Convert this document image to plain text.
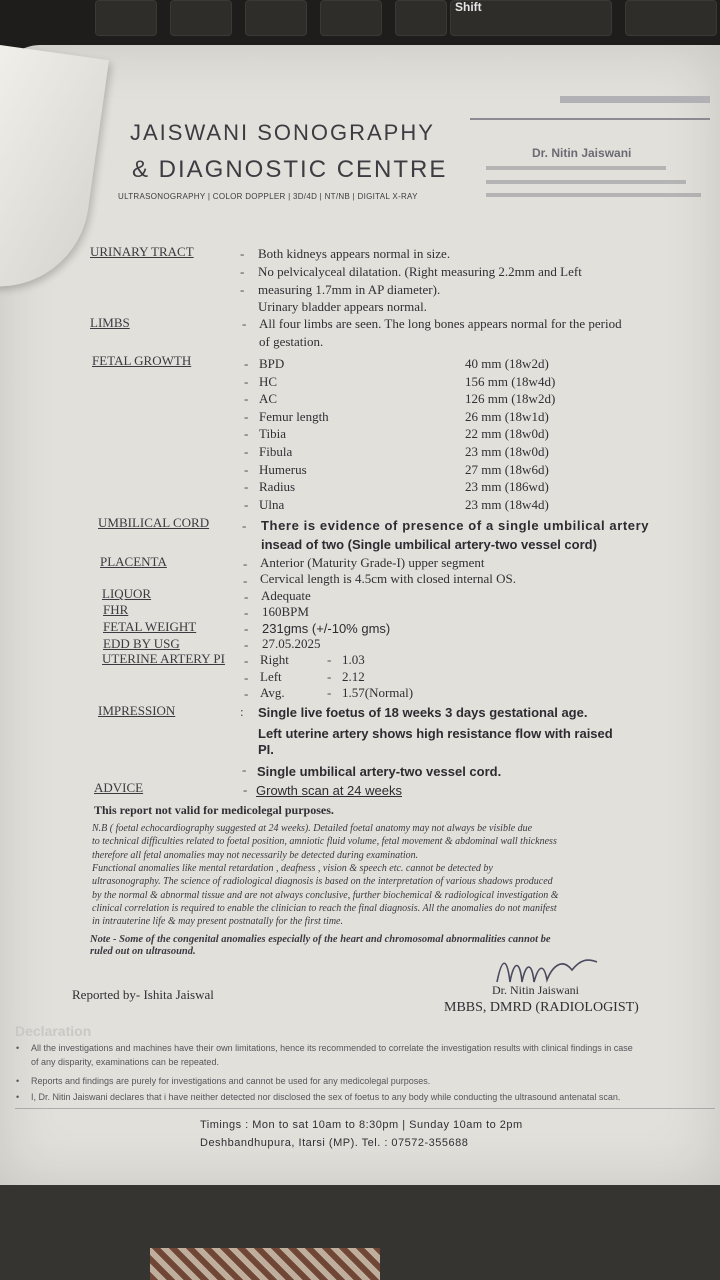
Shift
JAISWANI SONOGRAPHY
& DIAGNOSTIC CENTRE
ULTRASONOGRAPHY | COLOR DOPPLER | 3D/4D | NT/NB | DIGITAL X-RAY
Dr. Nitin Jaiswani
URINARY TRACT	- Both kidneys appears normal in size.
- No pelvicalyceal dilatation. (Right measuring 2.2mm and Left
- measuring 1.7mm in AP diameter).
Urinary bladder appears normal.
LIMBS	- All four limbs are seen. The long bones appears normal for the period
of gestation.
FETAL GROWTH	- BPD	40 mm (18w2d)
- HC	156 mm (18w4d)
- AC	126 mm (18w2d)
- Femur length	26 mm (18w1d)
- Tibia	22 mm (18w0d)
- Fibula	23 mm (18w0d)
- Humerus	27 mm (18w6d)
- Radius	23 mm (186wd)
- Ulna	23 mm (18w4d)
UMBILICAL CORD	- There is evidence of presence of a single umbilical artery
insead of two (Single umbilical artery-two vessel cord)
PLACENTA	- Anterior (Maturity Grade-I) upper segment
- Cervical length is 4.5cm with closed internal OS.
LIQUOR	- Adequate
FHR	- 160BPM
FETAL WEIGHT	- 231gms (+/-10% gms)
EDD BY USG	- 27.05.2025
UTERINE ARTERY PI -
-
-
Right	- 1.03
Left	- 2.12
Avg.	- 1.57(Normal)
IMPRESSION	: Single live foetus of 18 weeks 3 days gestational age.
Left uterine artery shows high resistance flow with raised
PI.
- Single umbilical artery-two vessel cord.
ADVICE	- Growth scan at 24 weeks
This report not valid for medicolegal purposes.
N.B ( foetal echocardiography suggested at 24 weeks). Detailed foetal anatomy may not always be visible due
to technical difficulties related to foetal position, amniotic fluid volume, fetal movement & abdominal wall thickness
therefore all fetal anomalies may not necessarily be detected during examination.
Functional anomalies like mental retardation , deafness , vision & speech etc. cannot be detected by
ultrasonography. The science of radiological diagnosis is based on the interpretation of various shadows produced
by the normal & abnormal tissue and are not always conclusive, further biochemical & radiological investigation &
clinical correlation is required to enable the clinician to reach the final diagnosis. All the anomalies do not manifest
in intrauterine life & may present postnatally for the first time.
Note - Some of the congenital anomalies especially of the heart and chromosomal abnormalities cannot be
ruled out on ultrasound.
Reported by- Ishita Jaiswal	Dr. Nitin Jaiswani
MBBS, DMRD (RADIOLOGIST)
Declaration
• All the investigations and machines have their own limitations, hence its recommended to correlate the investigation results with clinical findings in case
of any disparity, examinations can be repeated.
• Reports and findings are purely for investigations and cannot be used for any medicolegal purposes.
• I, Dr. Nitin Jaiswani declares that i have neither detected nor disclosed the sex of foetus to any body while conducting the ultrasound antenatal scan.
Timings : Mon to sat 10am to 8:30pm | Sunday 10am to 2pm
Deshbandhupura, Itarsi (MP). Tel. : 07572-355688
